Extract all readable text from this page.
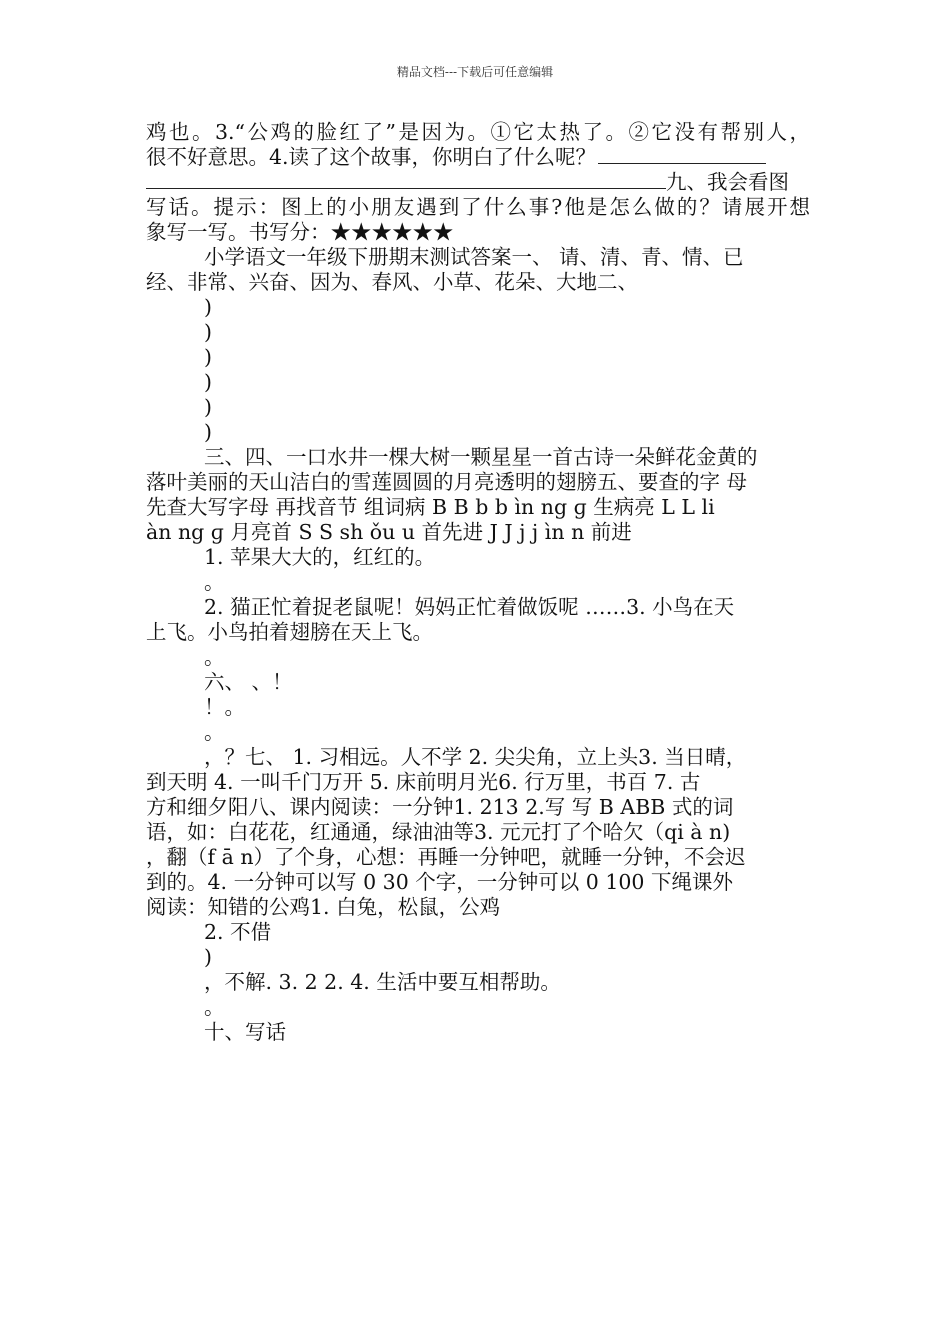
精品文档---下载后可任意编辑
鸡也。3.“公鸡的脸红了”是因为。①它太热了。②它没有帮别人，
很不好意思。4.读了这个故事，你明白了什么呢？
九、我会看图
写话。提示：图上的小朋友遇到了什么事?他是怎么做的？请展开想
象写一写。书写分：★★★★★★
小学语文一年级下册期末测试答案一、 请、清、青、情、已
经、非常、兴奋、因为、春风、小草、花朵、大地二、
)
)
)
)
)
)
三、四、一口水井一棵大树一颗星星一首古诗一朵鲜花金黄的
落叶美丽的天山洁白的雪莲圆圆的月亮透明的翅膀五、要查的字 母
先查大写字母 再找音节 组词病 B B b b ìn ng ɡ 生病亮 L L li
àn ng ɡ 月亮首 S S sh ǒu u 首先进 J J j j ìn n 前进
1. 苹果大大的，红红的。
。
2. 猫正忙着捉老鼠呢！妈妈正忙着做饭呢 ……3. 小鸟在天
上飞。小鸟拍着翅膀在天上飞。
。
六、 、！
！。
。
，？七、 1. 习相远。人不学 2. 尖尖角，立上头3. 当日晴，
到天明 4. 一叫千门万开 5. 床前明月光6. 行万里，书百 7. 古
方和细夕阳八、课内阅读：一分钟1. 213 2.写 写 B ABB 式的词
语，如：白花花，红通通，绿油油等3. 元元打了个哈欠（qi à n)
，翻（f ā n）了个身，心想：再睡一分钟吧，就睡一分钟，不会迟
到的。4. 一分钟可以写 0 30 个字，一分钟可以 0 100 下绳课外
阅读：知错的公鸡1. 白兔，松鼠，公鸡
2. 不借
)
，不解. 3. 2 2. 4. 生活中要互相帮助。
。
十、写话
